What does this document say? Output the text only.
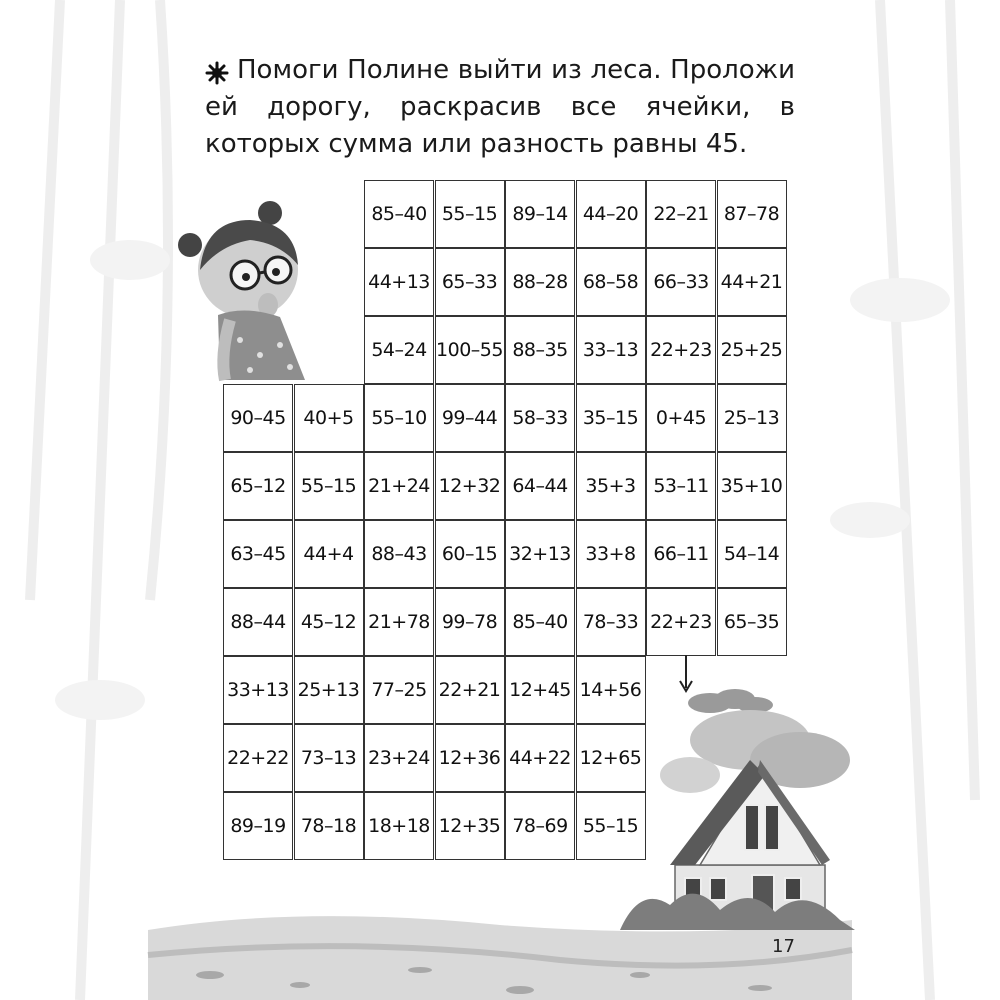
Помоги Полине выйти из леса. Проложи ей дорогу, раскрасив все ячейки, в которых сумма или разность равны 45.
85–40 55–15 89–14 44–20 22–21 87–78
44+13 65–33 88–28 68–58 66–33 44+21
54–24 100–55 88–35 33–13 22+23 25+25
90–45 40+5 55–10 99–44 58–33 35–15 0+45 25–13
65–12 55–15 21+24 12+32 64–44 35+3 53–11 35+10
63–45 44+4 88–43 60–15 32+13 33+8 66–11 54–14
88–44 45–12 21+78 99–78 85–40 78–33 22+23 65–35
33+13 25+13 77–25 22+21 12+45 14+56
22+22 73–13 23+24 12+36 44+22 12+65
89–19 78–18 18+18 12+35 78–69 55–15
17
